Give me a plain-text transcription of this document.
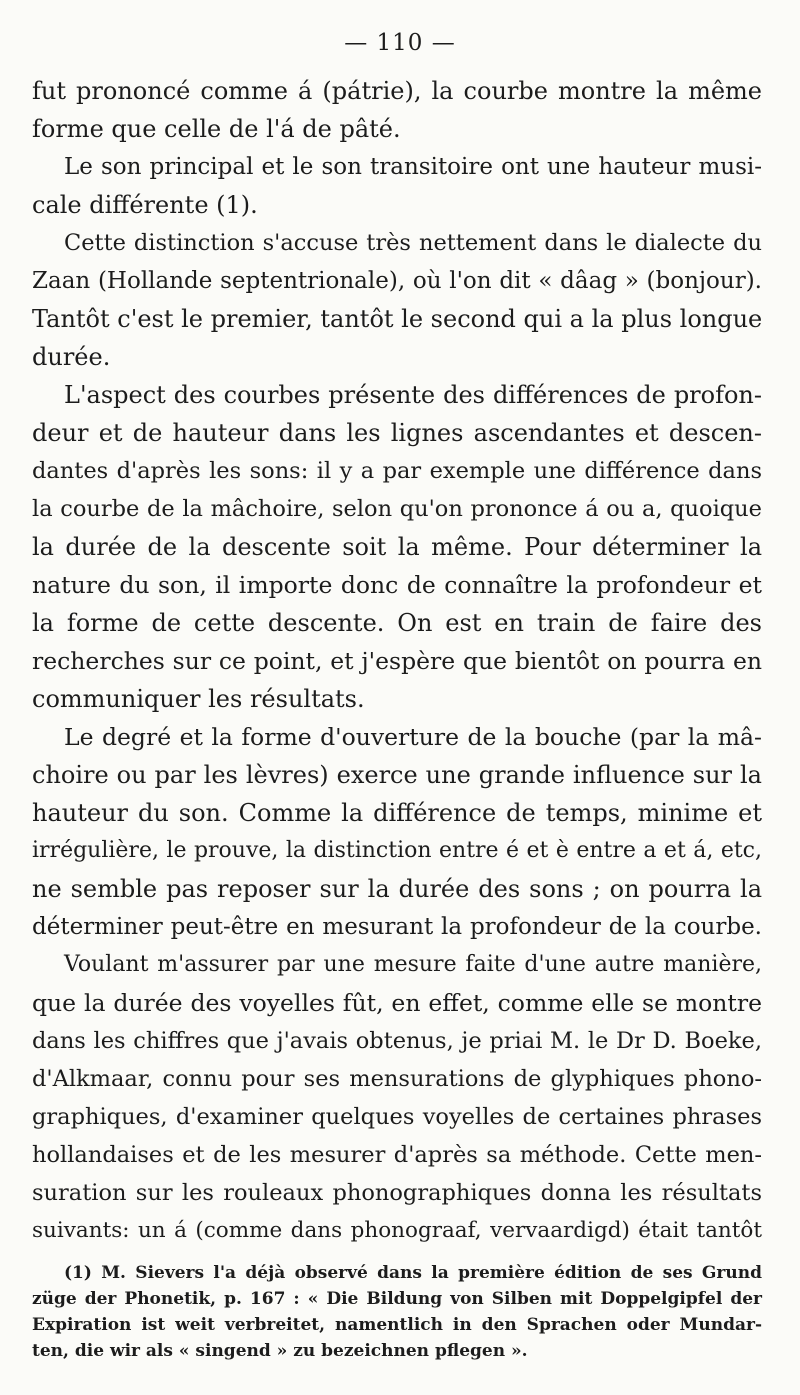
— 110 —
fut prononcé comme á (pátrie), la courbe montre la même
forme que celle de l'á de pâté.
Le son principal et le son transitoire ont une hauteur musi-
cale différente (1).
Cette distinction s'accuse très nettement dans le dialecte du
Zaan (Hollande septentrionale), où l'on dit « dâag » (bonjour).
Tantôt c'est le premier, tantôt le second qui a la plus longue
durée.
L'aspect des courbes présente des différences de profon-
deur et de hauteur dans les lignes ascendantes et descen-
dantes d'après les sons: il y a par exemple une différence dans
la courbe de la mâchoire, selon qu'on prononce á ou a, quoique
la durée de la descente soit la même. Pour déterminer la
nature du son, il importe donc de connaître la profondeur et
la forme de cette descente. On est en train de faire des
recherches sur ce point, et j'espère que bientôt on pourra en
communiquer les résultats.
Le degré et la forme d'ouverture de la bouche (par la mâ-
choire ou par les lèvres) exerce une grande influence sur la
hauteur du son. Comme la différence de temps, minime et
irrégulière, le prouve, la distinction entre é et è entre a et á, etc,
ne semble pas reposer sur la durée des sons ; on pourra la
déterminer peut-être en mesurant la profondeur de la courbe.
Voulant m'assurer par une mesure faite d'une autre manière,
que la durée des voyelles fût, en effet, comme elle se montre
dans les chiffres que j'avais obtenus, je priai M. le Dr D. Boeke,
d'Alkmaar, connu pour ses mensurations de glyphiques phono-
graphiques, d'examiner quelques voyelles de certaines phrases
hollandaises et de les mesurer d'après sa méthode. Cette men-
suration sur les rouleaux phonographiques donna les résultats
suivants: un á (comme dans phonograaf, vervaardigd) était tantôt
(1) M. Sievers l'a déjà observé dans la première édition de ses Grund
züge der Phonetik, p. 167 : « Die Bildung von Silben mit Doppelgipfel der
Expiration ist weit verbreitet, namentlich in den Sprachen oder Mundar-
ten, die wir als « singend » zu bezeichnen pflegen ».
